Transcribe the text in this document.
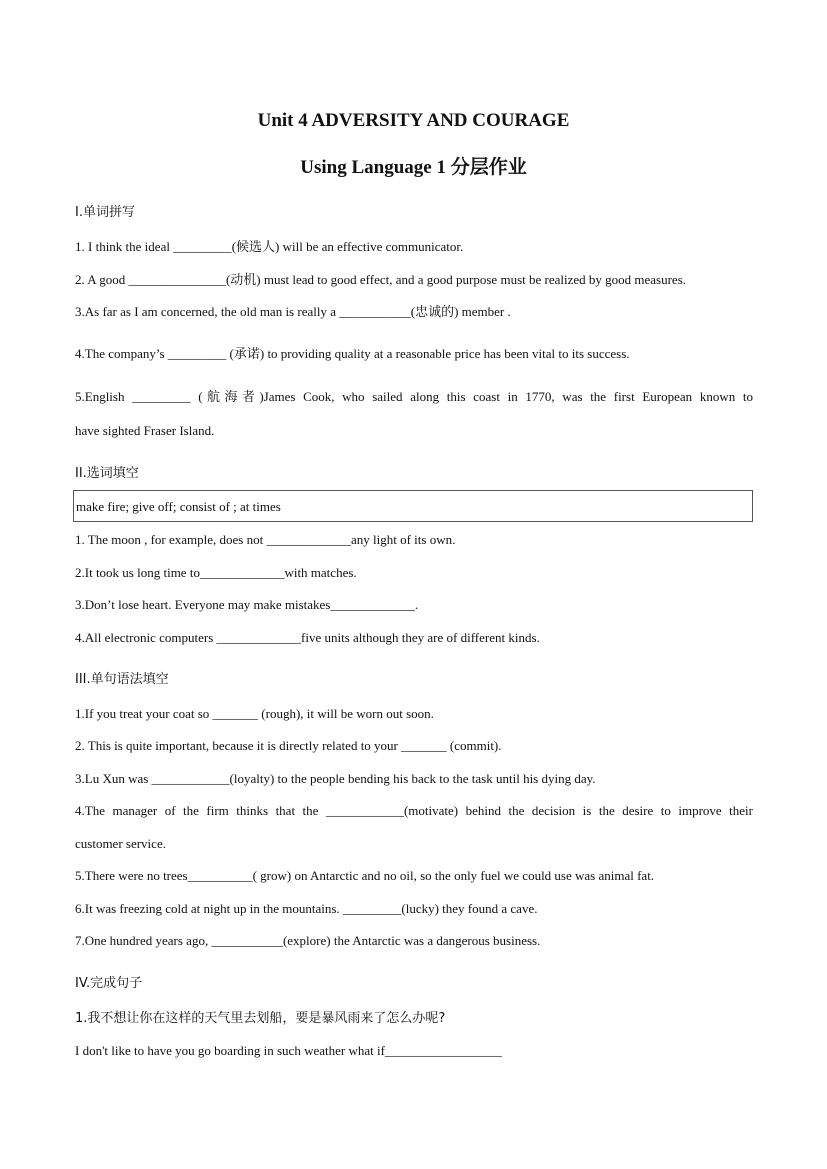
Unit 4 ADVERSITY AND COURAGE
Using Language 1 分层作业
I.单词拼写
1. I think the ideal _________(候选人) will be an effective communicator.
2. A good _______________(动机) must lead to good effect, and a good purpose must be realized by good measures.
3.As far as I am concerned, the old man is really a ___________(忠诚的) member .
4.The company’s _________ (承诺) to providing quality at a reasonable price has been vital to its success.
5.English _________ (航海者)James Cook, who sailed along this coast in 1770, was the first European known to
have sighted Fraser Island.
II.选词填空
make fire; give off; consist of ; at times
1. The moon , for example, does not _____________any light of its own.
2.It took us long time to_____________with matches.
3.Don’t lose heart. Everyone may make mistakes_____________.
4.All electronic computers _____________five units although they are of different kinds.
III.单句语法填空
1.If you treat your coat so _______ (rough), it will be worn out soon.
2. This is quite important, because it is directly related to your _______ (commit).
3.Lu Xun was ____________(loyalty) to the people bending his back to the task until his dying day.
4.The manager of the firm thinks that the ____________(motivate) behind the decision is the desire to improve their
customer service.
5.There were no trees__________( grow) on Antarctic and no oil, so the only fuel we could use was animal fat.
6.It was freezing cold at night up in the mountains. _________(lucky) they found a cave.
7.One hundred years ago, ___________(explore) the Antarctic was a dangerous business.
IV.完成句子
1.我不想让你在这样的天气里去划船，要是暴风雨来了怎么办呢?
I don't like to have you go boarding in such weather what if__________________
